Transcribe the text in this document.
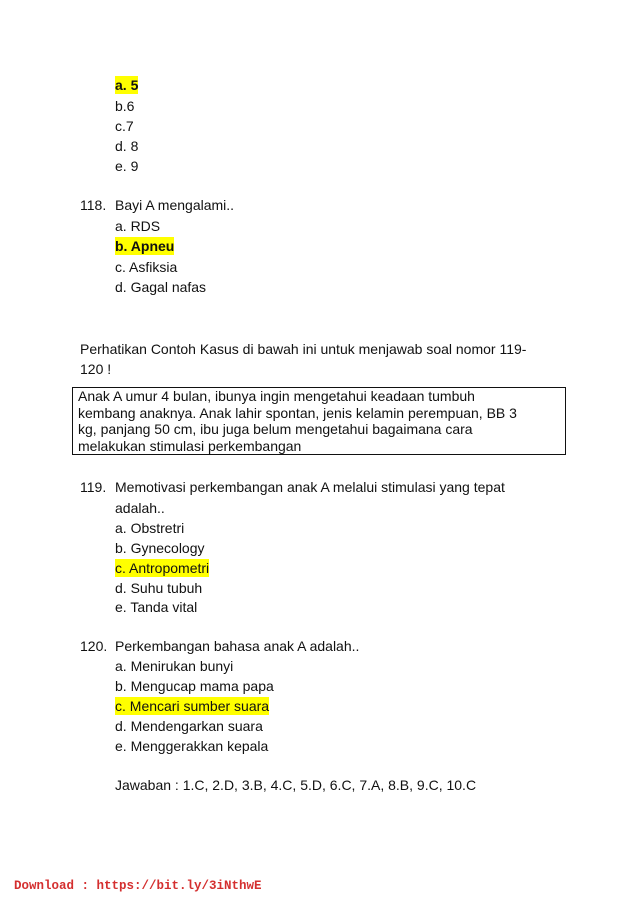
a. 5
b.6
c.7
d. 8
e. 9
118. Bayi A mengalami..
a. RDS
b. Apneu
c. Asfiksia
d. Gagal nafas
Perhatikan Contoh Kasus di bawah ini untuk menjawab soal nomor 119-
120 !
Anak A umur 4 bulan, ibunya ingin mengetahui keadaan tumbuh
kembang anaknya. Anak lahir spontan, jenis kelamin perempuan, BB 3
kg, panjang 50 cm, ibu juga belum mengetahui bagaimana cara
melakukan stimulasi perkembangan
119. Memotivasi perkembangan anak A melalui stimulasi yang tepat
adalah..
a. Obstretri
b. Gynecology
c. Antropometri
d. Suhu tubuh
e. Tanda vital
120. Perkembangan bahasa anak A adalah..
a. Menirukan bunyi
b. Mengucap mama papa
c. Mencari sumber suara
d. Mendengarkan suara
e. Menggerakkan kepala
Jawaban : 1.C, 2.D, 3.B, 4.C, 5.D, 6.C, 7.A, 8.B, 9.C, 10.C
Download : https://bit.ly/3iNthwE
